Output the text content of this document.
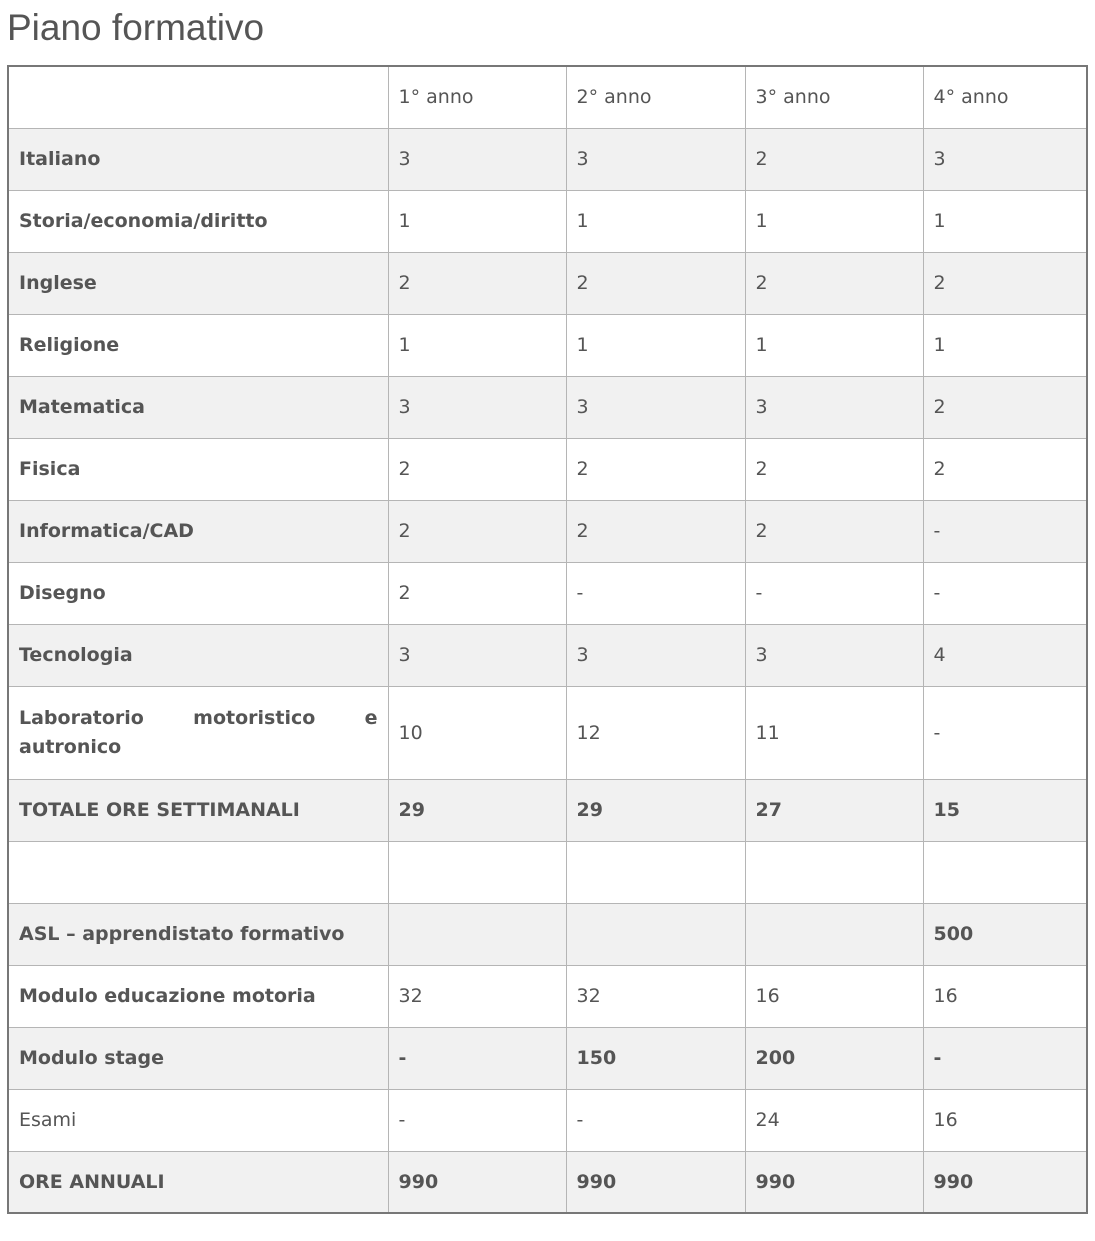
Piano formativo
	1° anno	2° anno	3° anno	4° anno
Italiano	3	3	2	3
Storia/economia/diritto	1	1	1	1
Inglese	2	2	2	2
Religione	1	1	1	1
Matematica	3	3	3	2
Fisica	2	2	2	2
Informatica/CAD	2	2	2	-
Disegno	2	-	-	-
Tecnologia	3	3	3	4
Laboratorio motoristico e autronico	10	12	11	-
TOTALE ORE SETTIMANALI	29	29	27	15

ASL – apprendistato formativo				500
Modulo educazione motoria	32	32	16	16
Modulo stage	-	150	200	-
Esami	-	-	24	16
ORE ANNUALI	990	990	990	990
